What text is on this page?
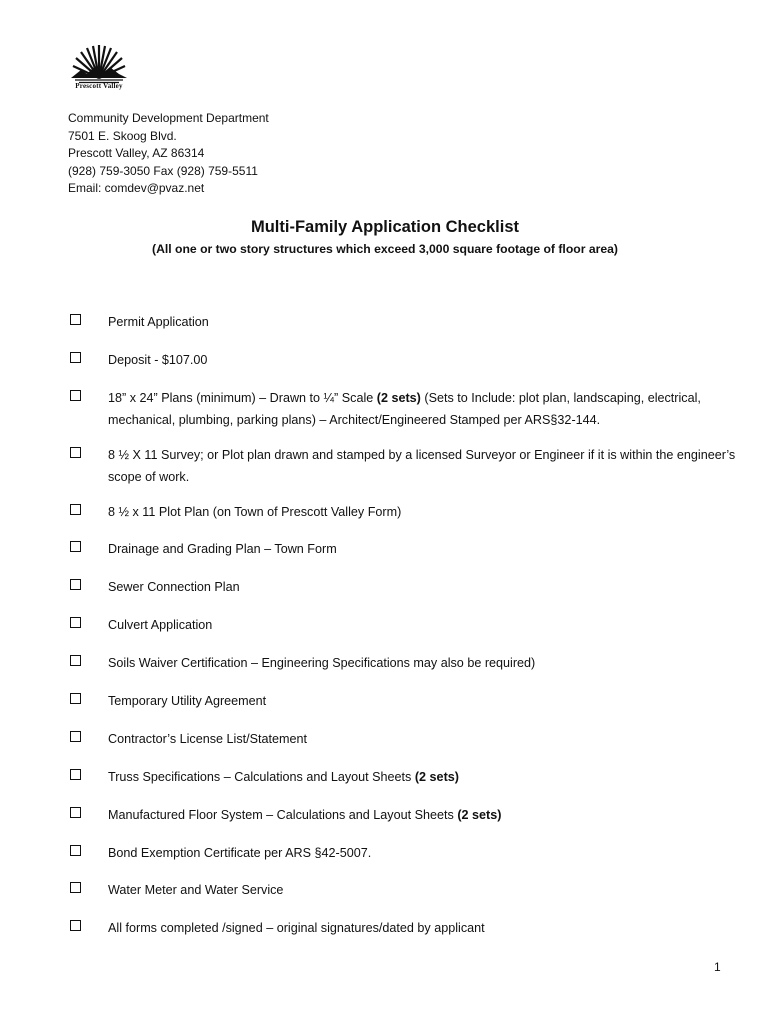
Prescott Valley
Community Development Department
7501 E. Skoog Blvd.
Prescott Valley, AZ 86314
(928) 759-3050 Fax (928) 759-5511
Email: comdev@pvaz.net
Multi-Family Application Checklist
(All one or two story structures which exceed 3,000 square footage of floor area)
Permit Application
Deposit - $107.00
18” x 24” Plans (minimum) – Drawn to ¼” Scale (2 sets) (Sets to Include: plot plan, landscaping, electrical, mechanical, plumbing, parking plans) – Architect/Engineered Stamped per ARS§32-144.
8 ½ X 11 Survey; or Plot plan drawn and stamped by a licensed Surveyor or Engineer if it is within the engineer’s scope of work.
8 ½ x 11 Plot Plan (on Town of Prescott Valley Form)
Drainage and Grading Plan – Town Form
Sewer Connection Plan
Culvert Application
Soils Waiver Certification – Engineering Specifications may also be required)
Temporary Utility Agreement
Contractor’s License List/Statement
Truss Specifications – Calculations and Layout Sheets (2 sets)
Manufactured Floor System – Calculations and Layout Sheets (2 sets)
Bond Exemption Certificate per ARS §42-5007.
Water Meter and Water Service
All forms completed /signed – original signatures/dated by applicant
1
